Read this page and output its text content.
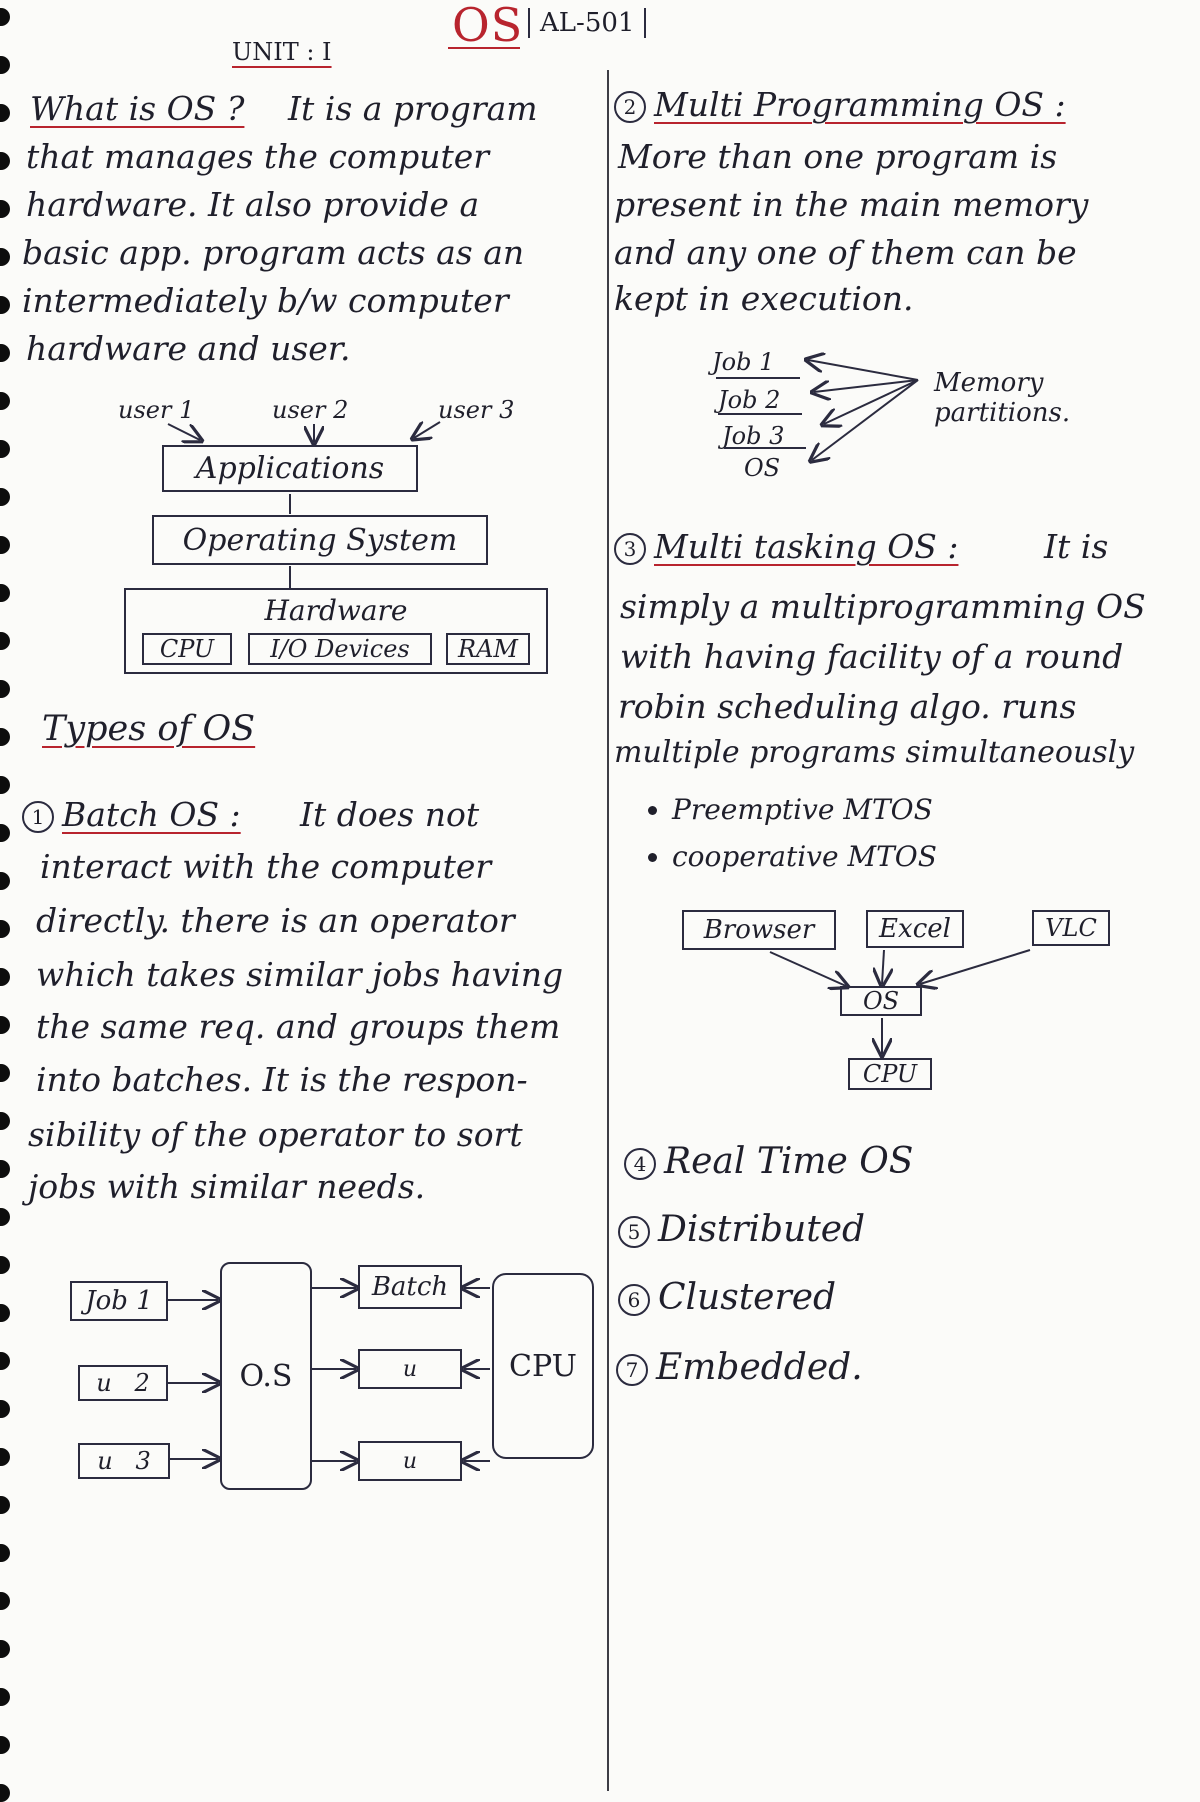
OS AL-501
UNIT : I
What is OS ? It is a program
that manages the computer
hardware. It also provide a
basic app. program acts as an
intermediately b/w computer
hardware and user.
user 1	user 2	user 3
Applications
Operating System
Hardware
CPU	I/O Devices	RAM
Types of OS
1 Batch OS : It does not
interact with the computer
directly. there is an operator
which takes similar jobs having
the same req. and groups them
into batches. It is the respon-
sibility of the operator to sort
jobs with similar needs.
Job 1
u   2
u   3
O.S
Batch
u
u
CPU
2 Multi Programming OS :
More than one program is
present in the main memory
and any one of them can be
kept in execution.
Job 1
Job 2
Job 3
OS
Memory
partitions.
3 Multi tasking OS :	It is
simply a multiprogramming OS
with having facility of a round
robin scheduling algo. runs
multiple programs simultaneously
Preemptive MTOS
cooperative MTOS
Browser	Excel	VLC
OS
CPU
4 Real Time OS
5 Distributed
6 Clustered
7 Embedded.
